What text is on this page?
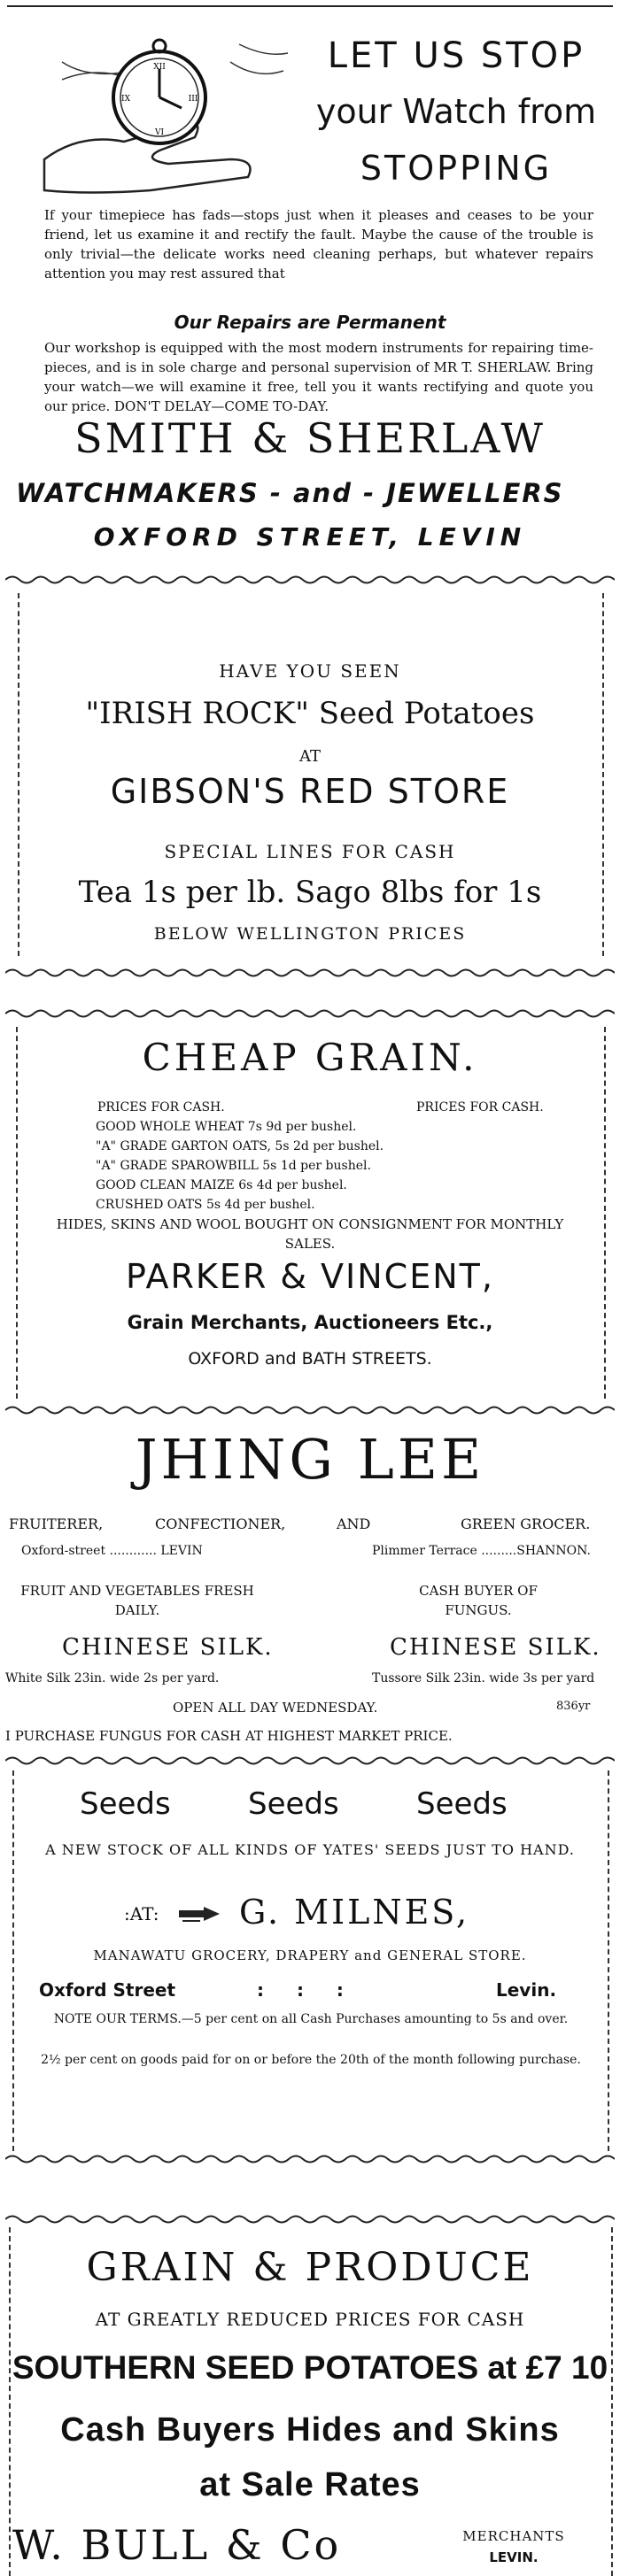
XII
III
VI
IX
LET US STOP
your Watch from
STOPPING

If your timepiece has fads—stops just when it pleases and ceases to be your friend, let us examine it and rectify the fault. Maybe the cause of the trouble is only trivial—the delicate works need cleaning perhaps, but whatever repairs attention you may rest assured that

Our Repairs are Permanent

Our workshop is equipped with the most modern instruments for repairing time-pieces, and is in sole charge and personal supervision of MR T. SHERLAW. Bring your watch—we will examine it free, tell you it wants rectifying and quote you our price. DON'T DELAY—COME TO-DAY.

SMITH & SHERLAW
WATCHMAKERS - and - JEWELLERS
OXFORD STREET, LEVIN
HAVE YOU SEEN
"IRISH ROCK" Seed Potatoes
AT
GIBSON'S RED STORE
SPECIAL LINES FOR CASH
Tea 1s per lb. Sago 8lbs for 1s
BELOW WELLINGTON PRICES
CHEAP GRAIN.
PRICES FOR CASH.	PRICES FOR CASH.
GOOD WHOLE WHEAT 7s 9d per bushel.
"A" GRADE GARTON OATS, 5s 2d per bushel.
"A" GRADE SPAROWBILL 5s 1d per bushel.
GOOD CLEAN MAIZE 6s 4d per bushel.
CRUSHED OATS 5s 4d per bushel.
HIDES, SKINS AND WOOL BOUGHT ON CONSIGNMENT FOR MONTHLY SALES.
PARKER & VINCENT,
Grain Merchants, Auctioneers Etc.,
OXFORD and BATH STREETS.
JHING LEE
FRUITERER,	CONFECTIONER,	AND	GREEN GROCER.
Oxford-street ............ LEVIN	Plimmer Terrace .........SHANNON.
FRUIT AND VEGETABLES FRESH DAILY.
CASH BUYER OF FUNGUS.
CHINESE SILK.	CHINESE SILK.
White Silk 23in. wide 2s per yard.	Tussore Silk 23in. wide 3s per yard
OPEN ALL DAY WEDNESDAY.	836yr
I PURCHASE FUNGUS FOR CASH AT HIGHEST MARKET PRICE.
Seeds	Seeds	Seeds
A NEW STOCK OF ALL KINDS OF YATES' SEEDS JUST TO HAND.
:AT: G. MILNES,
MANAWATU GROCERY, DRAPERY and GENERAL STORE.
Oxford Street	: : :	Levin.

NOTE OUR TERMS.—5 per cent on all Cash Purchases amounting to 5s and over.

2½ per cent on goods paid for on or before the 20th of the month following purchase.

GRAIN & PRODUCE
AT GREATLY REDUCED PRICES FOR CASH
SOUTHERN SEED POTATOES at £7 10
Cash Buyers Hides and Skins
at Sale Rates
W. BULL & Co	MERCHANTS
LEVIN.
